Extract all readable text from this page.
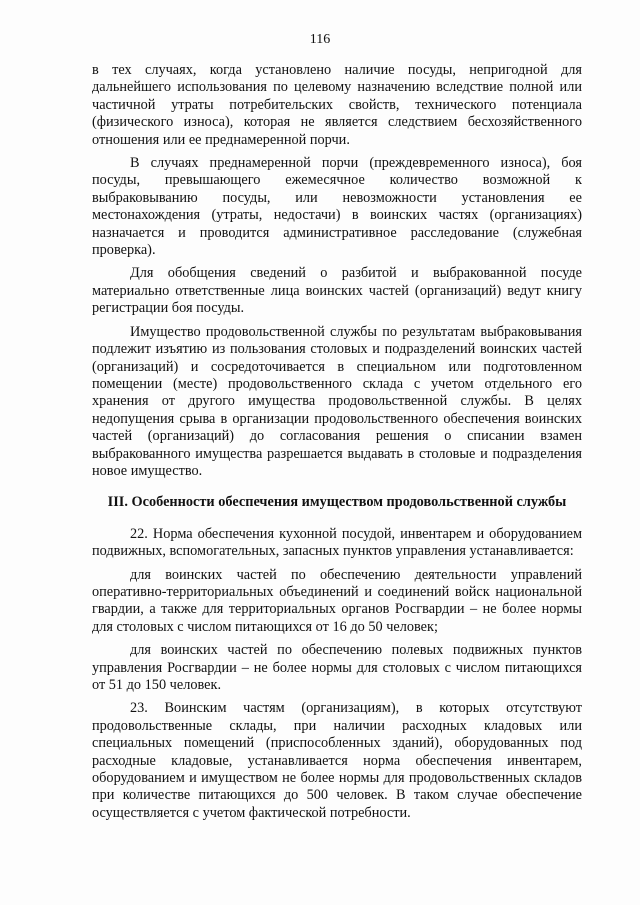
116

в тех случаях, когда установлено наличие посуды, непригодной для дальнейшего использования по целевому назначению вследствие полной или частичной утраты потребительских свойств, технического потенциала (физического износа), которая не является следствием бесхозяйственного отношения или ее преднамеренной порчи.

В случаях преднамеренной порчи (преждевременного износа), боя посуды, превышающего ежемесячное количество возможной к выбраковыванию посуды, или невозможности установления ее местонахождения (утраты, недостачи) в воинских частях (организациях) назначается и проводится административное расследование (служебная проверка).

Для обобщения сведений о разбитой и выбракованной посуде материально ответственные лица воинских частей (организаций) ведут книгу регистрации боя посуды.

Имущество продовольственной службы по результатам выбраковывания подлежит изъятию из пользования столовых и подразделений воинских частей (организаций) и сосредоточивается в специальном или подготовленном помещении (месте) продовольственного склада с учетом отдельного его хранения от другого имущества продовольственной службы. В целях недопущения срыва в организации продовольственного обеспечения воинских частей (организаций) до согласования решения о списании взамен выбракованного имущества разрешается выдавать в столовые и подразделения новое имущество.

III. Особенности обеспечения имуществом продовольственной службы

22. Норма обеспечения кухонной посудой, инвентарем и оборудованием подвижных, вспомогательных, запасных пунктов управления устанавливается:

для воинских частей по обеспечению деятельности управлений оперативно-территориальных объединений и соединений войск национальной гвардии, а также для территориальных органов Росгвардии – не более нормы для столовых с числом питающихся от 16 до 50 человек;

для воинских частей по обеспечению полевых подвижных пунктов управления Росгвардии – не более нормы для столовых с числом питающихся от 51 до 150 человек.

23. Воинским частям (организациям), в которых отсутствуют продовольственные склады, при наличии расходных кладовых или специальных помещений (приспособленных зданий), оборудованных под расходные кладовые, устанавливается норма обеспечения инвентарем, оборудованием и имуществом не более нормы для продовольственных складов при количестве питающихся до 500 человек. В таком случае обеспечение осуществляется с учетом фактической потребности.
